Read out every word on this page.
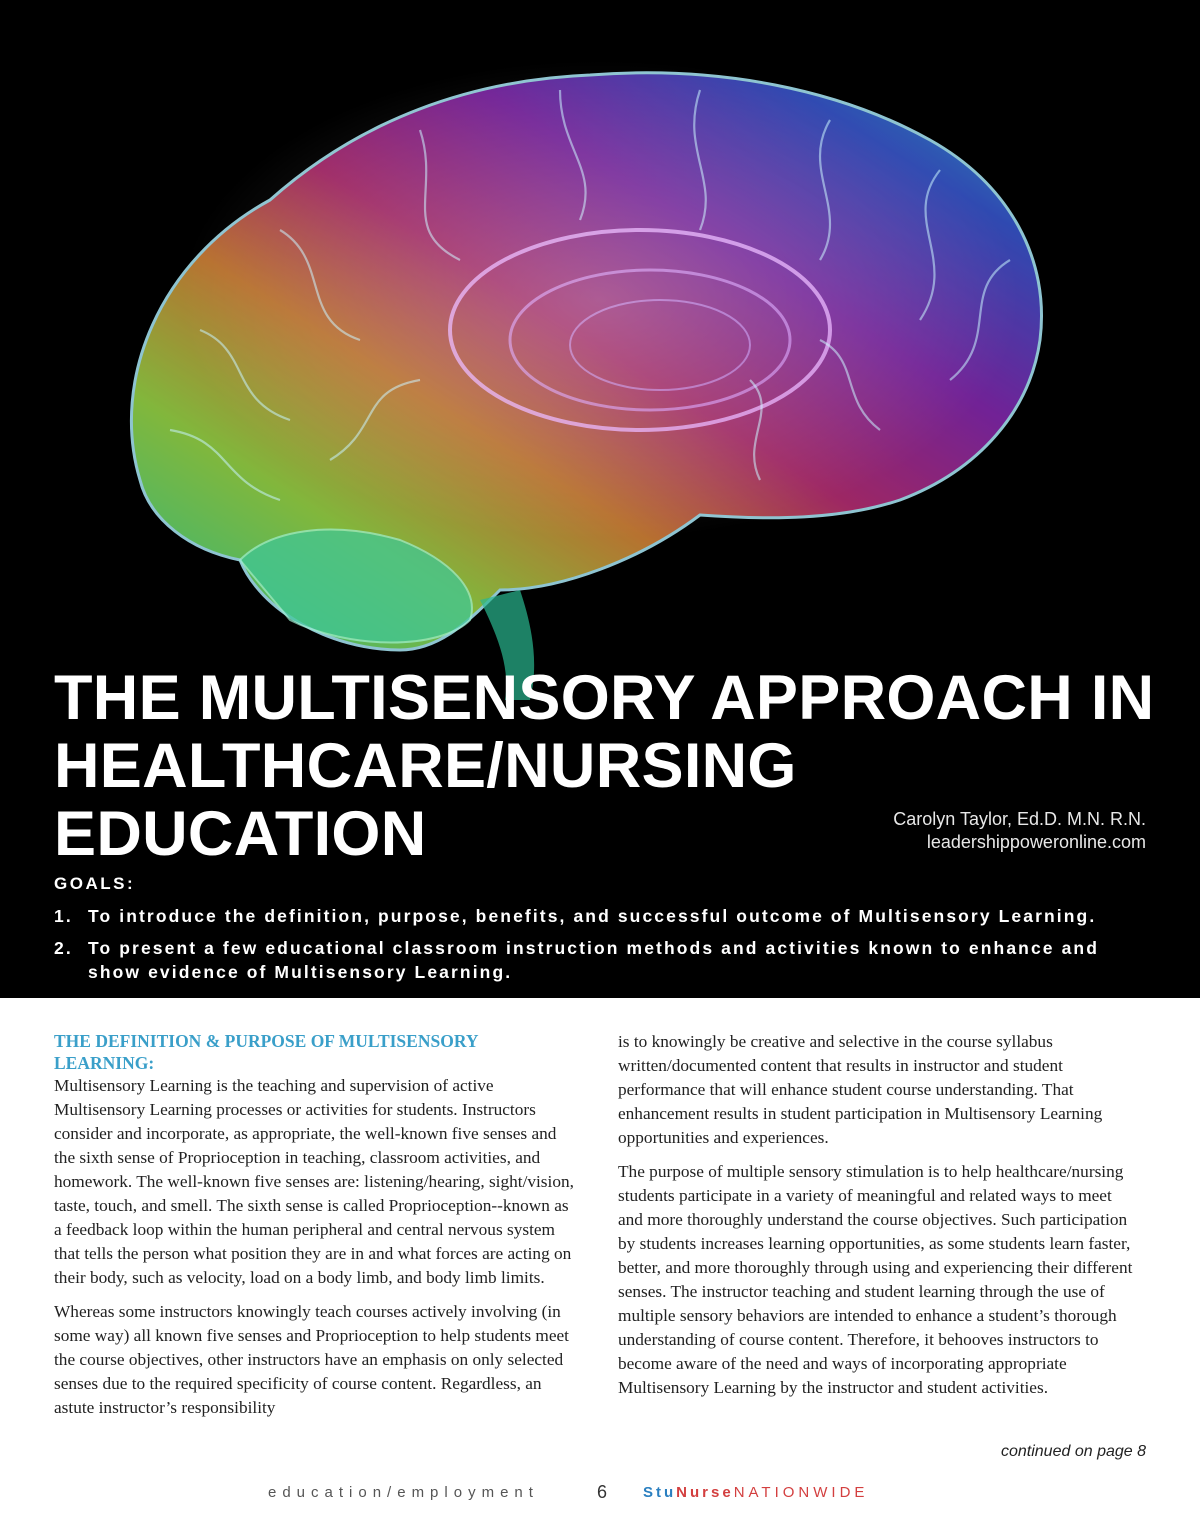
THE MULTISENSORY APPROACH IN
HEALTHCARE/NURSING EDUCATION	Carolyn Taylor, Ed.D. M.N. R.N.
leadershippoweronline.com
GOALS:
1. To introduce the definition, purpose, benefits, and successful outcome of Multisensory Learning.
2. To present a few educational classroom instruction methods and activities known to enhance and show evidence of Multisensory Learning.
THE DEFINITION & PURPOSE OF MULTISENSORY LEARNING:

Multisensory Learning is the teaching and supervision of active Multisensory Learning processes or activities for students. Instructors consider and incorporate, as appropriate, the well-known five senses and the sixth sense of Proprioception in teaching, classroom activities, and homework. The well-known five senses are: listening/hearing, sight/vision, taste, touch, and smell. The sixth sense is called Proprioception--known as a feedback loop within the human peripheral and central nervous system that tells the person what position they are in and what forces are acting on their body, such as velocity, load on a body limb, and body limb limits.

Whereas some instructors knowingly teach courses actively involving (in some way) all known five senses and Proprioception to help students meet the course objectives, other instructors have an emphasis on only selected senses due to the required specificity of course content. Regardless, an astute instructor’s responsibility

is to knowingly be creative and selective in the course syllabus written/documented content that results in instructor and student performance that will enhance student course understanding. That enhancement results in student participation in Multisensory Learning opportunities and experiences.

The purpose of multiple sensory stimulation is to help healthcare/nursing students participate in a variety of meaningful and related ways to meet and more thoroughly understand the course objectives. Such participation by students increases learning opportunities, as some students learn faster, better, and more thoroughly through using and experiencing their different senses. The instructor teaching and student learning through the use of multiple sensory behaviors are intended to enhance a student’s thorough understanding of course content. Therefore, it behooves instructors to become aware of the need and ways of incorporating appropriate Multisensory Learning by the instructor and student activities.

continued on page 8
education/employment	6 StuNurseNATIONWIDE
